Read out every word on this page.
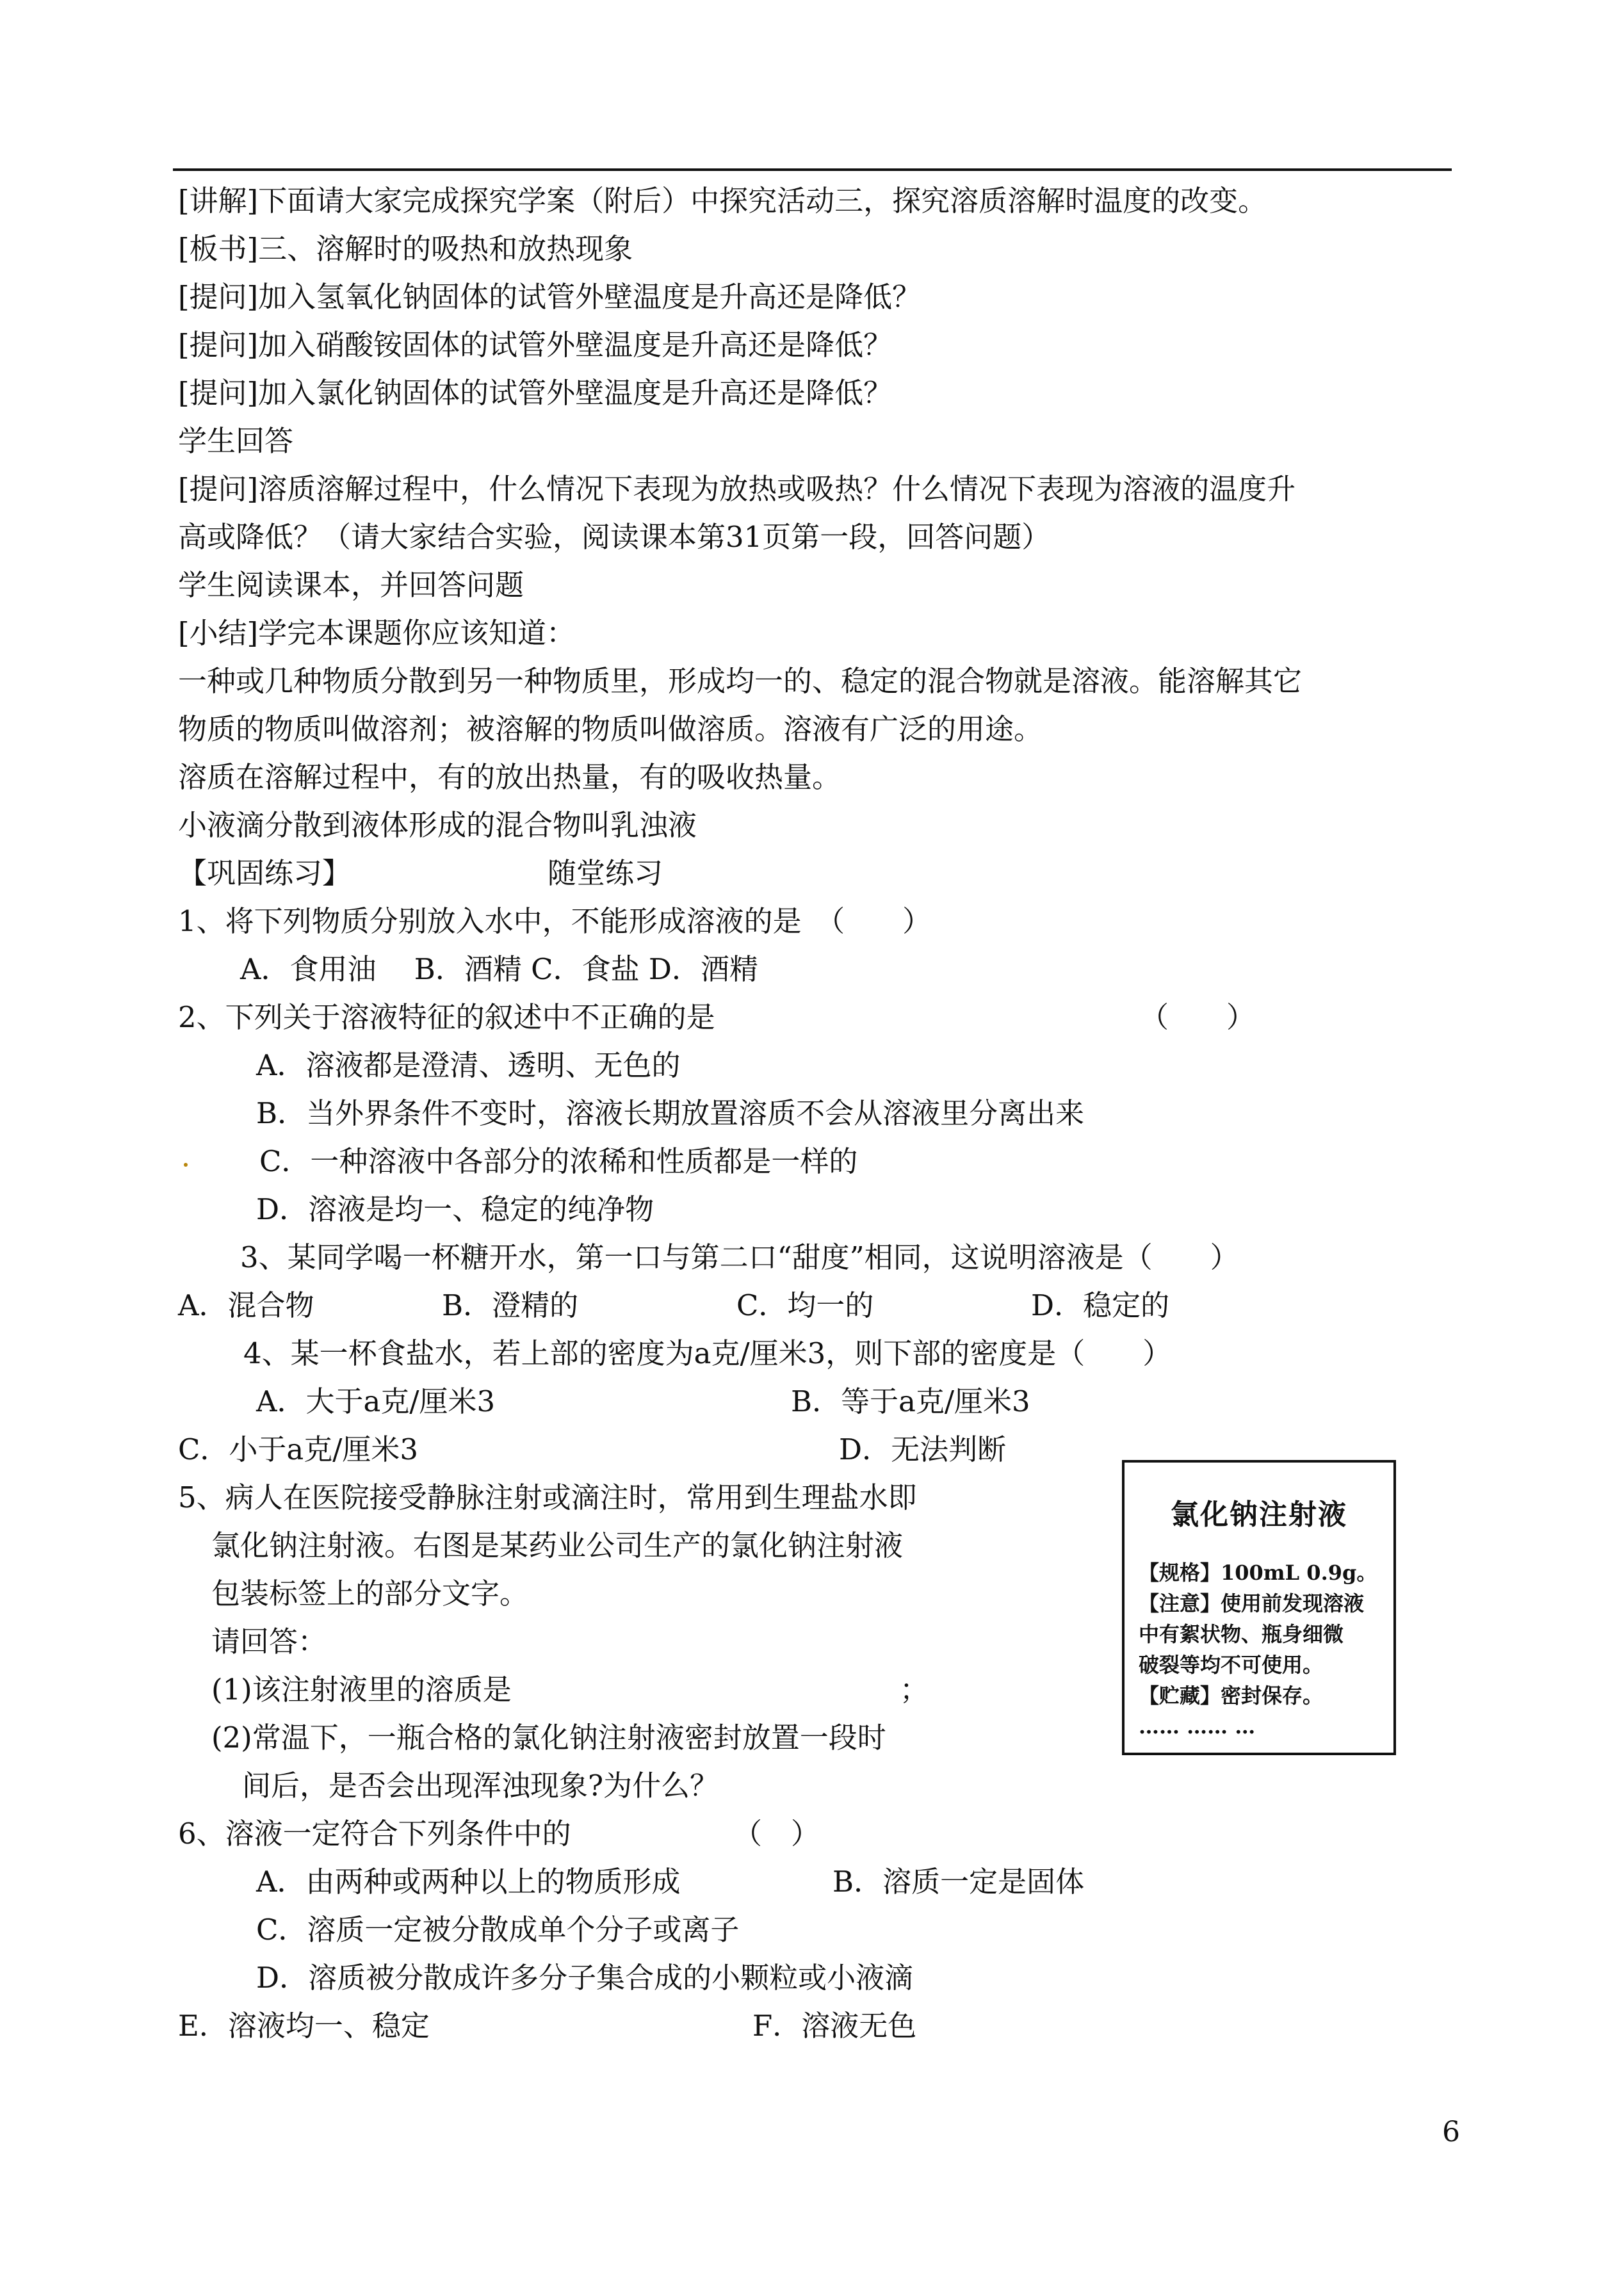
[讲解]下面请大家完成探究学案（附后）中探究活动三，探究溶质溶解时温度的改变。
[板书]三、溶解时的吸热和放热现象
[提问]加入氢氧化钠固体的试管外壁温度是升高还是降低？
[提问]加入硝酸铵固体的试管外壁温度是升高还是降低？
[提问]加入氯化钠固体的试管外壁温度是升高还是降低？
学生回答
[提问]溶质溶解过程中，什么情况下表现为放热或吸热？什么情况下表现为溶液的温度升
高或降低？（请大家结合实验，阅读课本第31页第一段，回答问题）
学生阅读课本，并回答问题
[小结]学完本课题你应该知道：
一种或几种物质分散到另一种物质里，形成均一的、稳定的混合物就是溶液。能溶解其它
物质的物质叫做溶剂；被溶解的物质叫做溶质。溶液有广泛的用途。
溶质在溶解过程中，有的放出热量，有的吸收热量。
小液滴分散到液体形成的混合物叫乳浊液
【巩固练习】	随堂练习
1、将下列物质分别放入水中，不能形成溶液的是　（　　）
A．食用油　 B．酒精 C．食盐 D．酒精
2、下列关于溶液特征的叙述中不正确的是	（　　）
A．溶液都是澄清、透明、无色的
B．当外界条件不变时，溶液长期放置溶质不会从溶液里分离出来
C．一种溶液中各部分的浓稀和性质都是一样的
D．溶液是均一、稳定的纯净物
3、某同学喝一杯糖开水，第一口与第二口“甜度”相同，这说明溶液是（　　）
A．混合物	B．澄精的	C．均一的	D．稳定的
4、某一杯食盐水，若上部的密度为a克/厘米3，则下部的密度是（　　）
A．大于a克/厘米3	B．等于a克/厘米3
C．小于a克/厘米3	D．无法判断
5、病人在医院接受静脉注射或滴注时，常用到生理盐水即
氯化钠注射液。右图是某药业公司生产的氯化钠注射液
包装标签上的部分文字。
请回答：
(1)该注射液里的溶质是	；
(2)常温下，一瓶合格的氯化钠注射液密封放置一段时
间后，是否会出现浑浊现象?为什么？
6、溶液一定符合下列条件中的	（　）
A．由两种或两种以上的物质形成	B．溶质一定是固体
C．溶质一定被分散成单个分子或离子
D．溶质被分散成许多分子集合成的小颗粒或小液滴
E．溶液均一、稳定	F．溶液无色
氯化钠注射液
【规格】100mL 0.9g。
【注意】使用前发现溶液
中有絮状物、瓶身细微
破裂等均不可使用。
【贮藏】密封保存。
…… …… …
6
